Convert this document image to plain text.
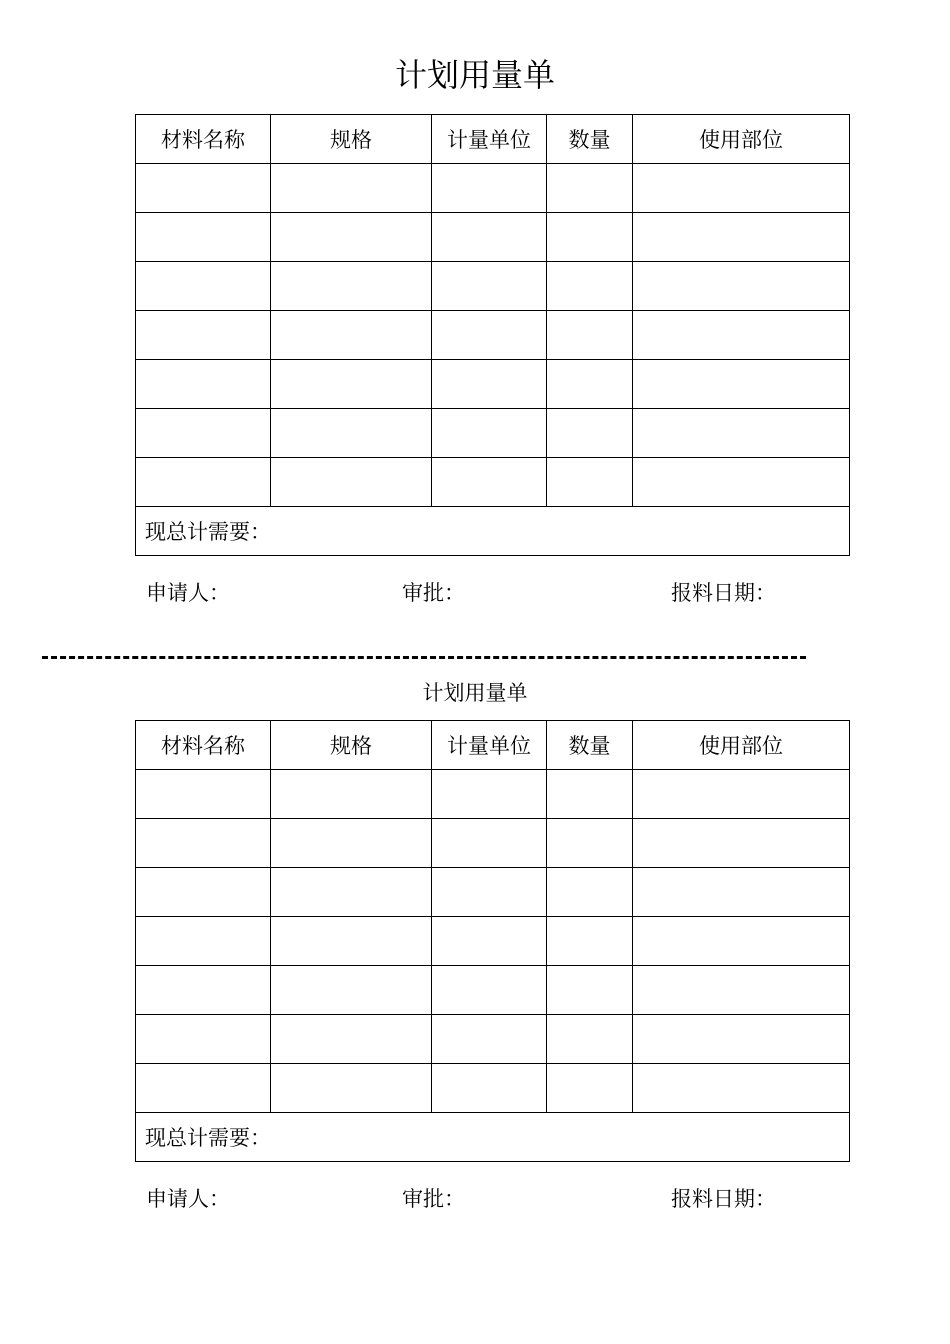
计划用量单
材料名称	规格	计量单位	数量	使用部位

现总计需要：				
申请人：	审批：	报料日期：
计划用量单
材料名称	规格	计量单位	数量	使用部位

现总计需要：				
申请人：	审批：	报料日期：
